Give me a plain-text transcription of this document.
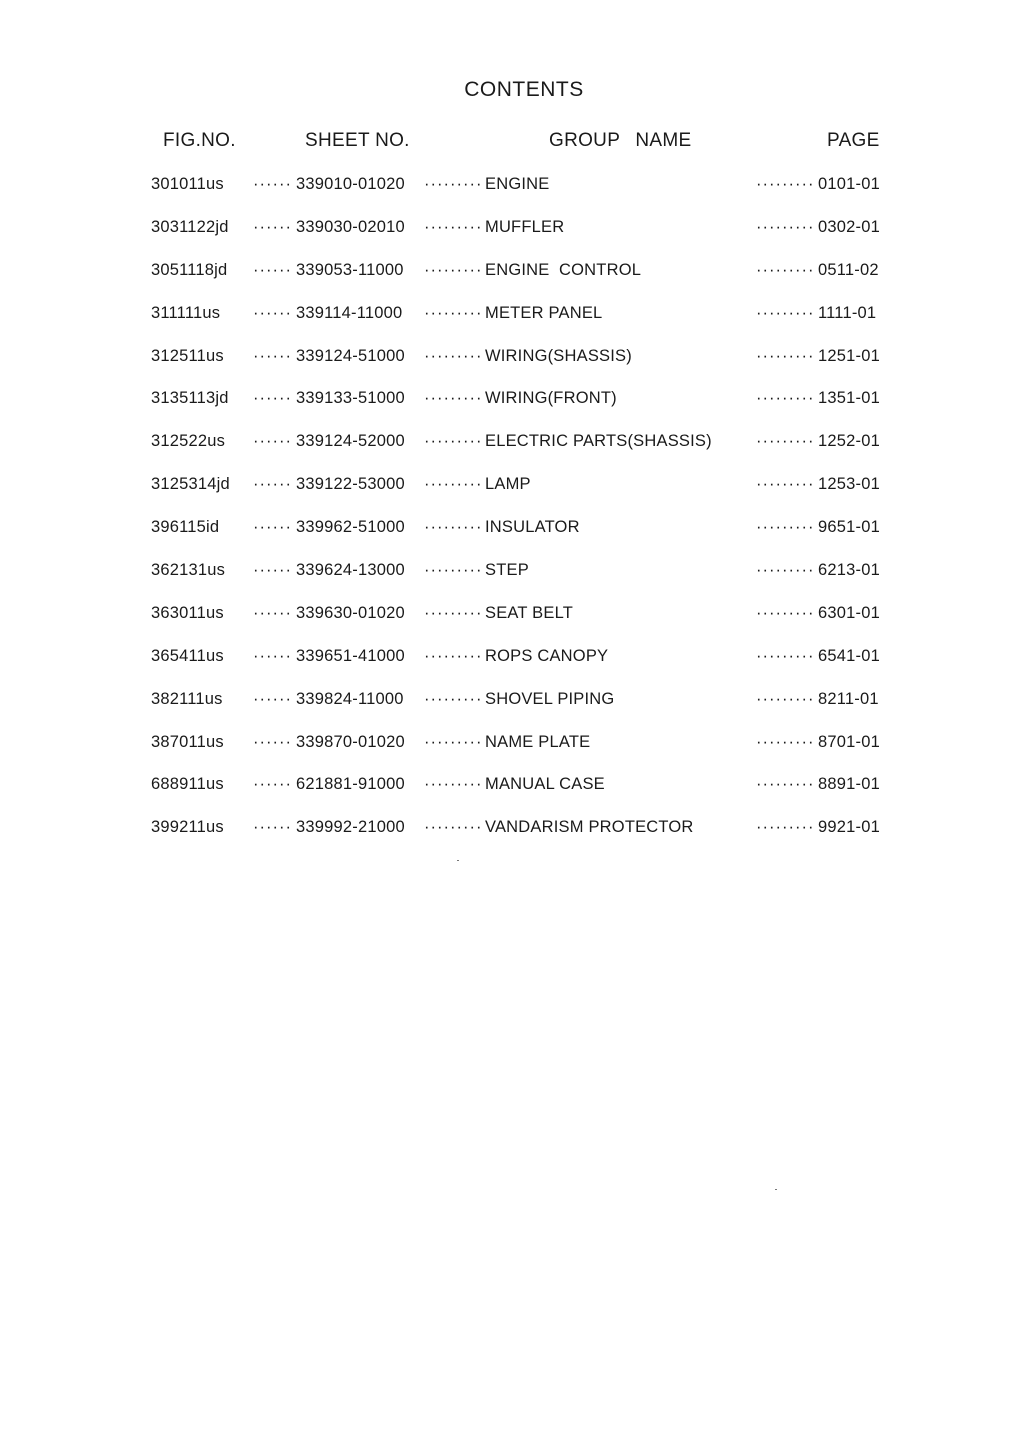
CONTENTS
FIG.NO.	SHEET NO.	GROUP NAME	PAGE
301011us ······ 339010-01020 ········· ENGINE	········· 0101-01
3031122jd ······ 339030-02010 ········· MUFFLER	········· 0302-01
3051118jd ······ 339053-11000 ········· ENGINE  CONTROL	········· 0511-02
311111us ······ 339114-11000 ········· METER PANEL	········· 1111-01
312511us ······ 339124-51000 ········· WIRING(SHASSIS)	········· 1251-01
3135113jd ······ 339133-51000 ········· WIRING(FRONT)	········· 1351-01
312522us ······ 339124-52000 ········· ELECTRIC PARTS(SHASSIS)	········· 1252-01
3125314jd ······ 339122-53000 ········· LAMP	········· 1253-01
396115id ······ 339962-51000 ········· INSULATOR	········· 9651-01
362131us ······ 339624-13000 ········· STEP	········· 6213-01
363011us ······ 339630-01020 ········· SEAT BELT	········· 6301-01
365411us ······ 339651-41000 ········· ROPS CANOPY	········· 6541-01
382111us ······ 339824-11000 ········· SHOVEL PIPING	········· 8211-01
387011us ······ 339870-01020 ········· NAME PLATE	········· 8701-01
688911us ······ 621881-91000 ········· MANUAL CASE	········· 8891-01
399211us ······ 339992-21000 ········· VANDARISM PROTECTOR	········· 9921-01
